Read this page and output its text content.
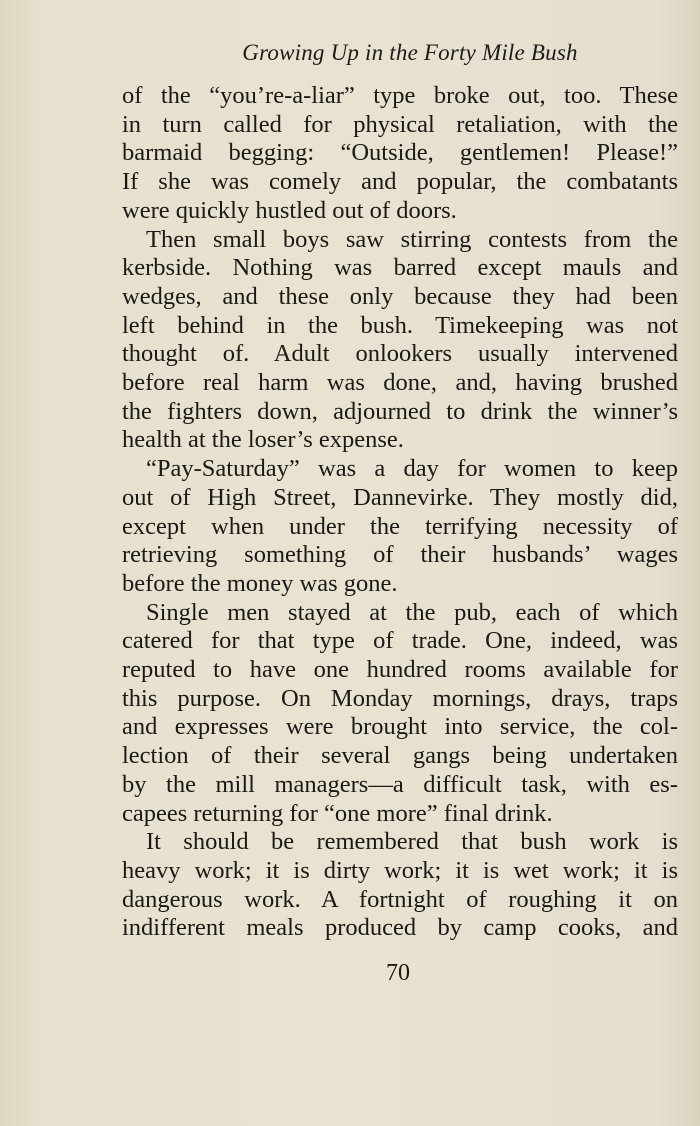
Growing Up in the Forty Mile Bush
of the “you’re-a-liar” type broke out, too. These
in turn called for physical retaliation, with the
barmaid begging: “Outside, gentlemen! Please!”
If she was comely and popular, the combatants
were quickly hustled out of doors.
Then small boys saw stirring contests from the
kerbside. Nothing was barred except mauls and
wedges, and these only because they had been
left behind in the bush. Timekeeping was not
thought of. Adult onlookers usually intervened
before real harm was done, and, having brushed
the fighters down, adjourned to drink the winner’s
health at the loser’s expense.
“Pay-Saturday” was a day for women to keep
out of High Street, Dannevirke. They mostly did,
except when under the terrifying necessity of
retrieving something of their husbands’ wages
before the money was gone.
Single men stayed at the pub, each of which
catered for that type of trade. One, indeed, was
reputed to have one hundred rooms available for
this purpose. On Monday mornings, drays, traps
and expresses were brought into service, the col-
lection of their several gangs being undertaken
by the mill managers—a difficult task, with es-
capees returning for “one more” final drink.
It should be remembered that bush work is
heavy work; it is dirty work; it is wet work; it is
dangerous work. A fortnight of roughing it on
indifferent meals produced by camp cooks, and
70
